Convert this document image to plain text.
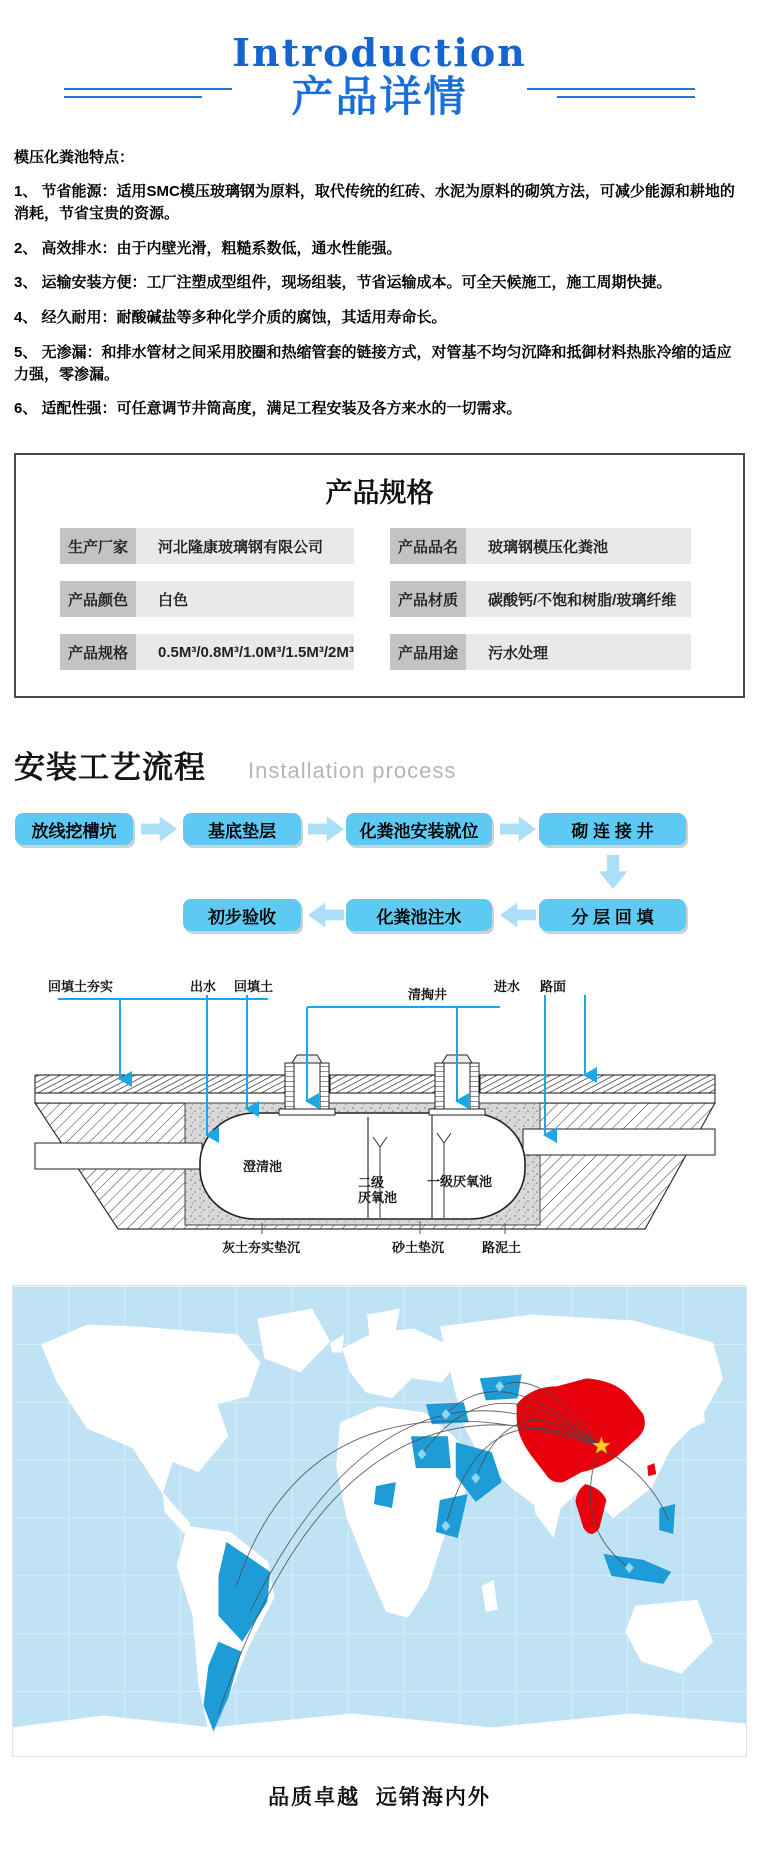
Introduction
产品详情
模压化粪池特点：
1、 节省能源：适用SMC模压玻璃钢为原料，取代传统的红砖、水泥为原料的砌筑方法，可减少能源和耕地的消耗，节省宝贵的资源。
2、 高效排水：由于内壁光滑，粗糙系数低，通水性能强。
3、 运输安装方便：工厂注塑成型组件，现场组装，节省运输成本。可全天候施工，施工周期快捷。
4、 经久耐用：耐酸碱盐等多种化学介质的腐蚀，其适用寿命长。
5、 无渗漏：和排水管材之间采用胶圈和热缩管套的链接方式，对管基不均匀沉降和抵御材料热胀冷缩的适应力强，零渗漏。
6、 适配性强：可任意调节井筒高度，满足工程安装及各方来水的一切需求。
产品规格
生产厂家	河北隆康玻璃钢有限公司	产品品名	玻璃钢模压化粪池
产品颜色	白色	产品材质	碳酸钙/不饱和树脂/玻璃纤维
产品规格	0.5M³/0.8M³/1.0M³/1.5M³/2M³	产品用途	污水处理
安装工艺流程 Installation process
放线挖槽坑	基底垫层	化粪池安装就位	砌 连 接 井
初步验收	化粪池注水	分 层 回 填
回填土夯实	出水 回填土
清掏井
进水 路面
澄清池
二级
厌氧池
一级厌氧池
灰土夯实垫沉	砂土垫沉	路泥土
品质卓越  远销海内外
